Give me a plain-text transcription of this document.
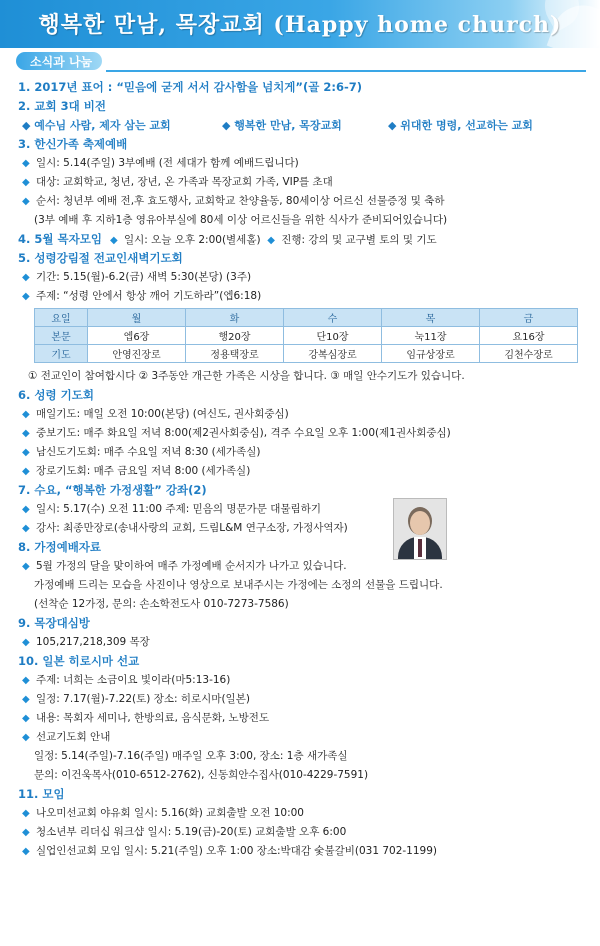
행복한 만남, 목장교회 (Happy home church)
소식과 나눔
1. 2017년 표어 : “믿음에 굳게 서서 감사함을 넘치게”(골 2:6-7)
2. 교회 3대 비전
◆ 예수님 사람, 제자 삼는 교회	◆ 행복한 만남, 목장교회	◆ 위대한 명령, 선교하는 교회
3. 한신가족 축제예배
◆ 일시: 5.14(주일) 3부예배 (전 세대가 함께 예배드립니다)
◆ 대상: 교회학교, 청년, 장년, 온 가족과 목장교회 가족, VIP를 초대
◆ 순서: 청년부 예배 전,후 효도행사, 교회학교 찬양율동, 80세이상 어르신 선물증정 및 축하
(3부 예배 후 지하1층 영유아부실에 80세 이상 어르신들을 위한 식사가 준비되어있습니다)
4. 5월 목자모임 ◆ 일시: 오늘 오후 2:00(별세홀) ◆ 진행: 강의 및 교구별 토의 및 기도
5. 성령강림절 전교인새벽기도회
◆ 기간: 5.15(월)-6.2(금) 새벽 5:30(본당) (3주)
◆ 주제: “성령 안에서 항상 깨어 기도하라”(엡6:18)
요일	월	화	수	목	금
본문	엡6장	행20장	단10장	눅11장	요16장
기도	안영진장로	정용택장로	강복심장로	임규상장로	김천수장로
① 전교인이 참여합시다 ② 3주동안 개근한 가족은 시상을 합니다. ③ 매일 안수기도가 있습니다.
6. 성령 기도회
◆ 매일기도: 매일 오전 10:00(본당) (여신도, 권사회중심)
◆ 중보기도: 매주 화요일 저녁 8:00(제2권사회중심), 격주 수요일 오후 1:00(제1권사회중심)
◆ 남신도기도회: 매주 수요일 저녁 8:30 (세가족실)
◆ 장로기도회: 매주 금요일 저녁 8:00 (세가족실)
7. 수요, “행복한 가정생활” 강좌(2)
◆ 일시: 5.17(수) 오전 11:00 주제: 믿음의 명문가문 대물림하기
◆ 강사: 최종만장로(송내사랑의 교회, 드림L&M 연구소장, 가정사역자)
8. 가정예배자료
◆ 5월 가정의 달을 맞이하여 매주 가정예배 순서지가 나가고 있습니다.
가정예배 드리는 모습을 사진이나 영상으로 보내주시는 가정에는 소정의 선물을 드립니다.
(선착순 12가정, 문의: 손소학전도사 010-7273-7586)
9. 목장대심방
◆ 105,217,218,309 목장
10. 일본 히로시마 선교
◆ 주제: 너희는 소금이요 빛이라(마5:13-16)
◆ 일정: 7.17(월)-7.22(토) 장소: 히로시마(일본)
◆ 내용: 목회자 세미나, 한방의료, 음식문화, 노방전도
◆ 선교기도회 안내
일정: 5.14(주일)-7.16(주일) 매주일 오후 3:00, 장소: 1층 새가족실
문의: 이건욱목사(010-6512-2762), 신동희안수집사(010-4229-7591)
11. 모임
◆ 나오미선교회 야유회 일시: 5.16(화) 교회출발 오전 10:00
◆ 청소년부 리더십 워크샵 일시: 5.19(금)-20(토) 교회출발 오후 6:00
◆ 실업인선교회 모임 일시: 5.21(주일) 오후 1:00 장소:박대감 숯불갈비(031 702-1199)
